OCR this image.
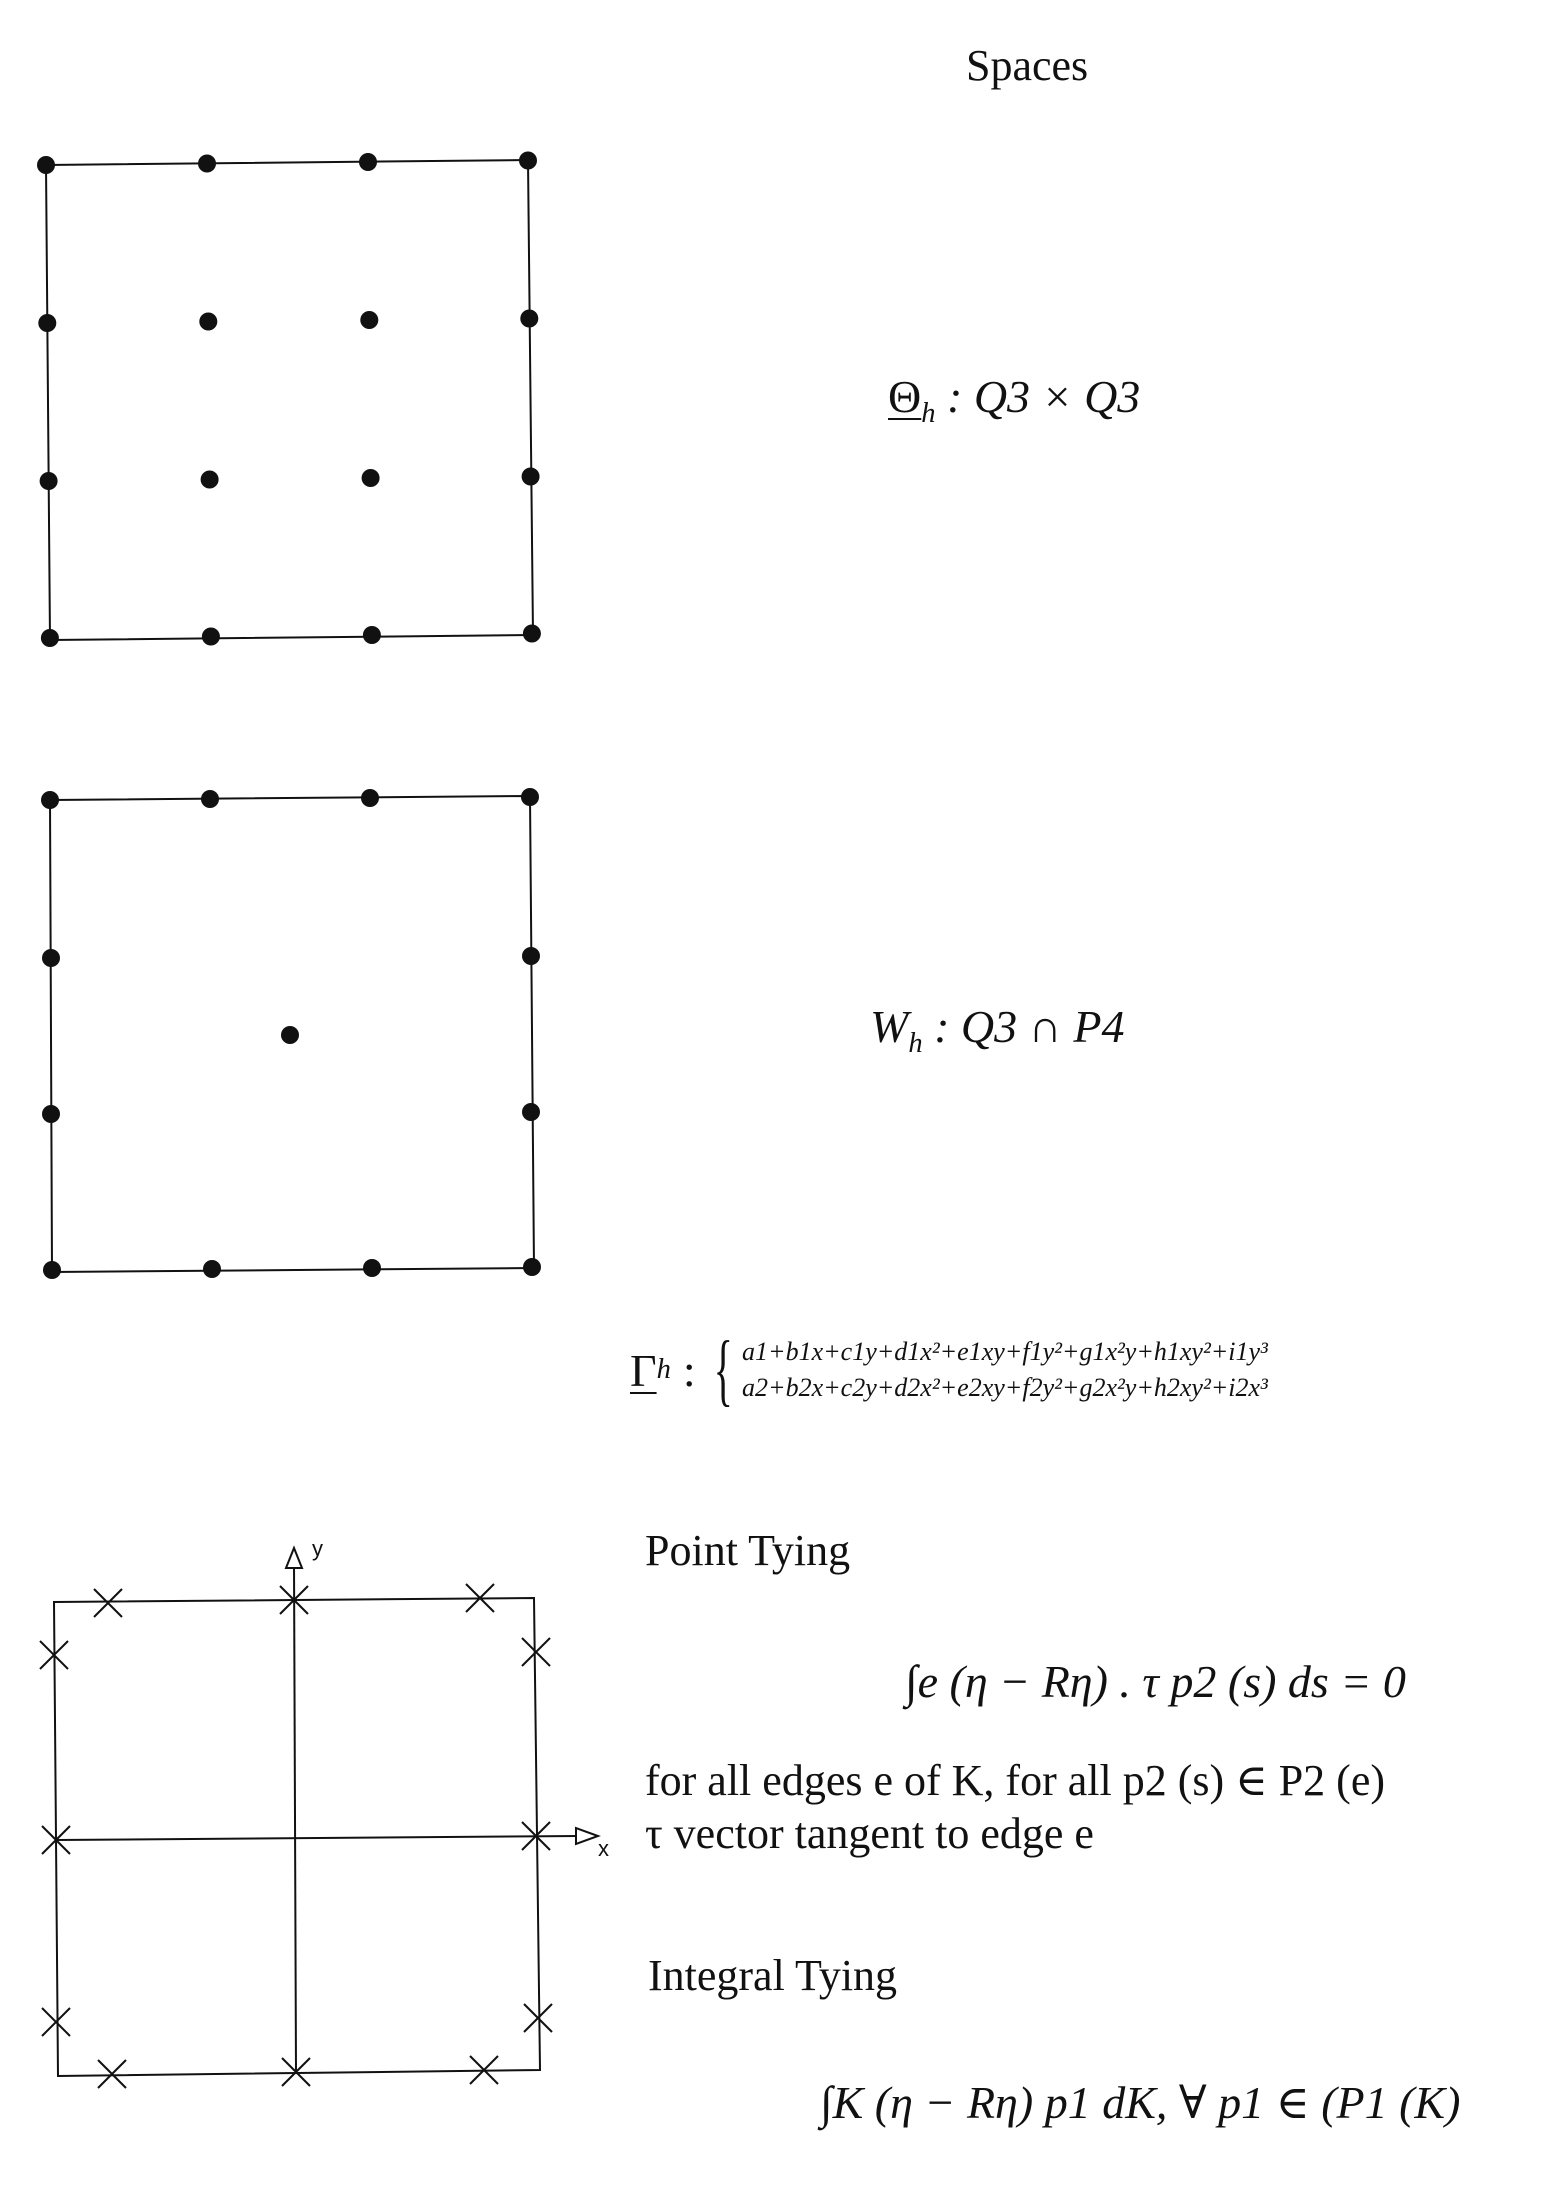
y
x
Spaces
$\Theta_h$ : Q3 × Q3
$W_h$ : Q3 ∩ P4
Γ h : { a1+b1x+c1y+d1x²+e1xy+f1y²+g1x²y+h1xy²+i1y³
a2+b2x+c2y+d2x²+e2xy+f2y²+g2x²y+h2xy²+i2x³
Point Tying
∫e (η − Rη) . τ p2 (s) ds = 0
for all edges e of K, for all p2 (s) ∈ P2 (e)
τ vector tangent to edge e
Integral Tying
∫K (η − Rη) p1 dK, ∀ p1 ∈ (P1 (K)
